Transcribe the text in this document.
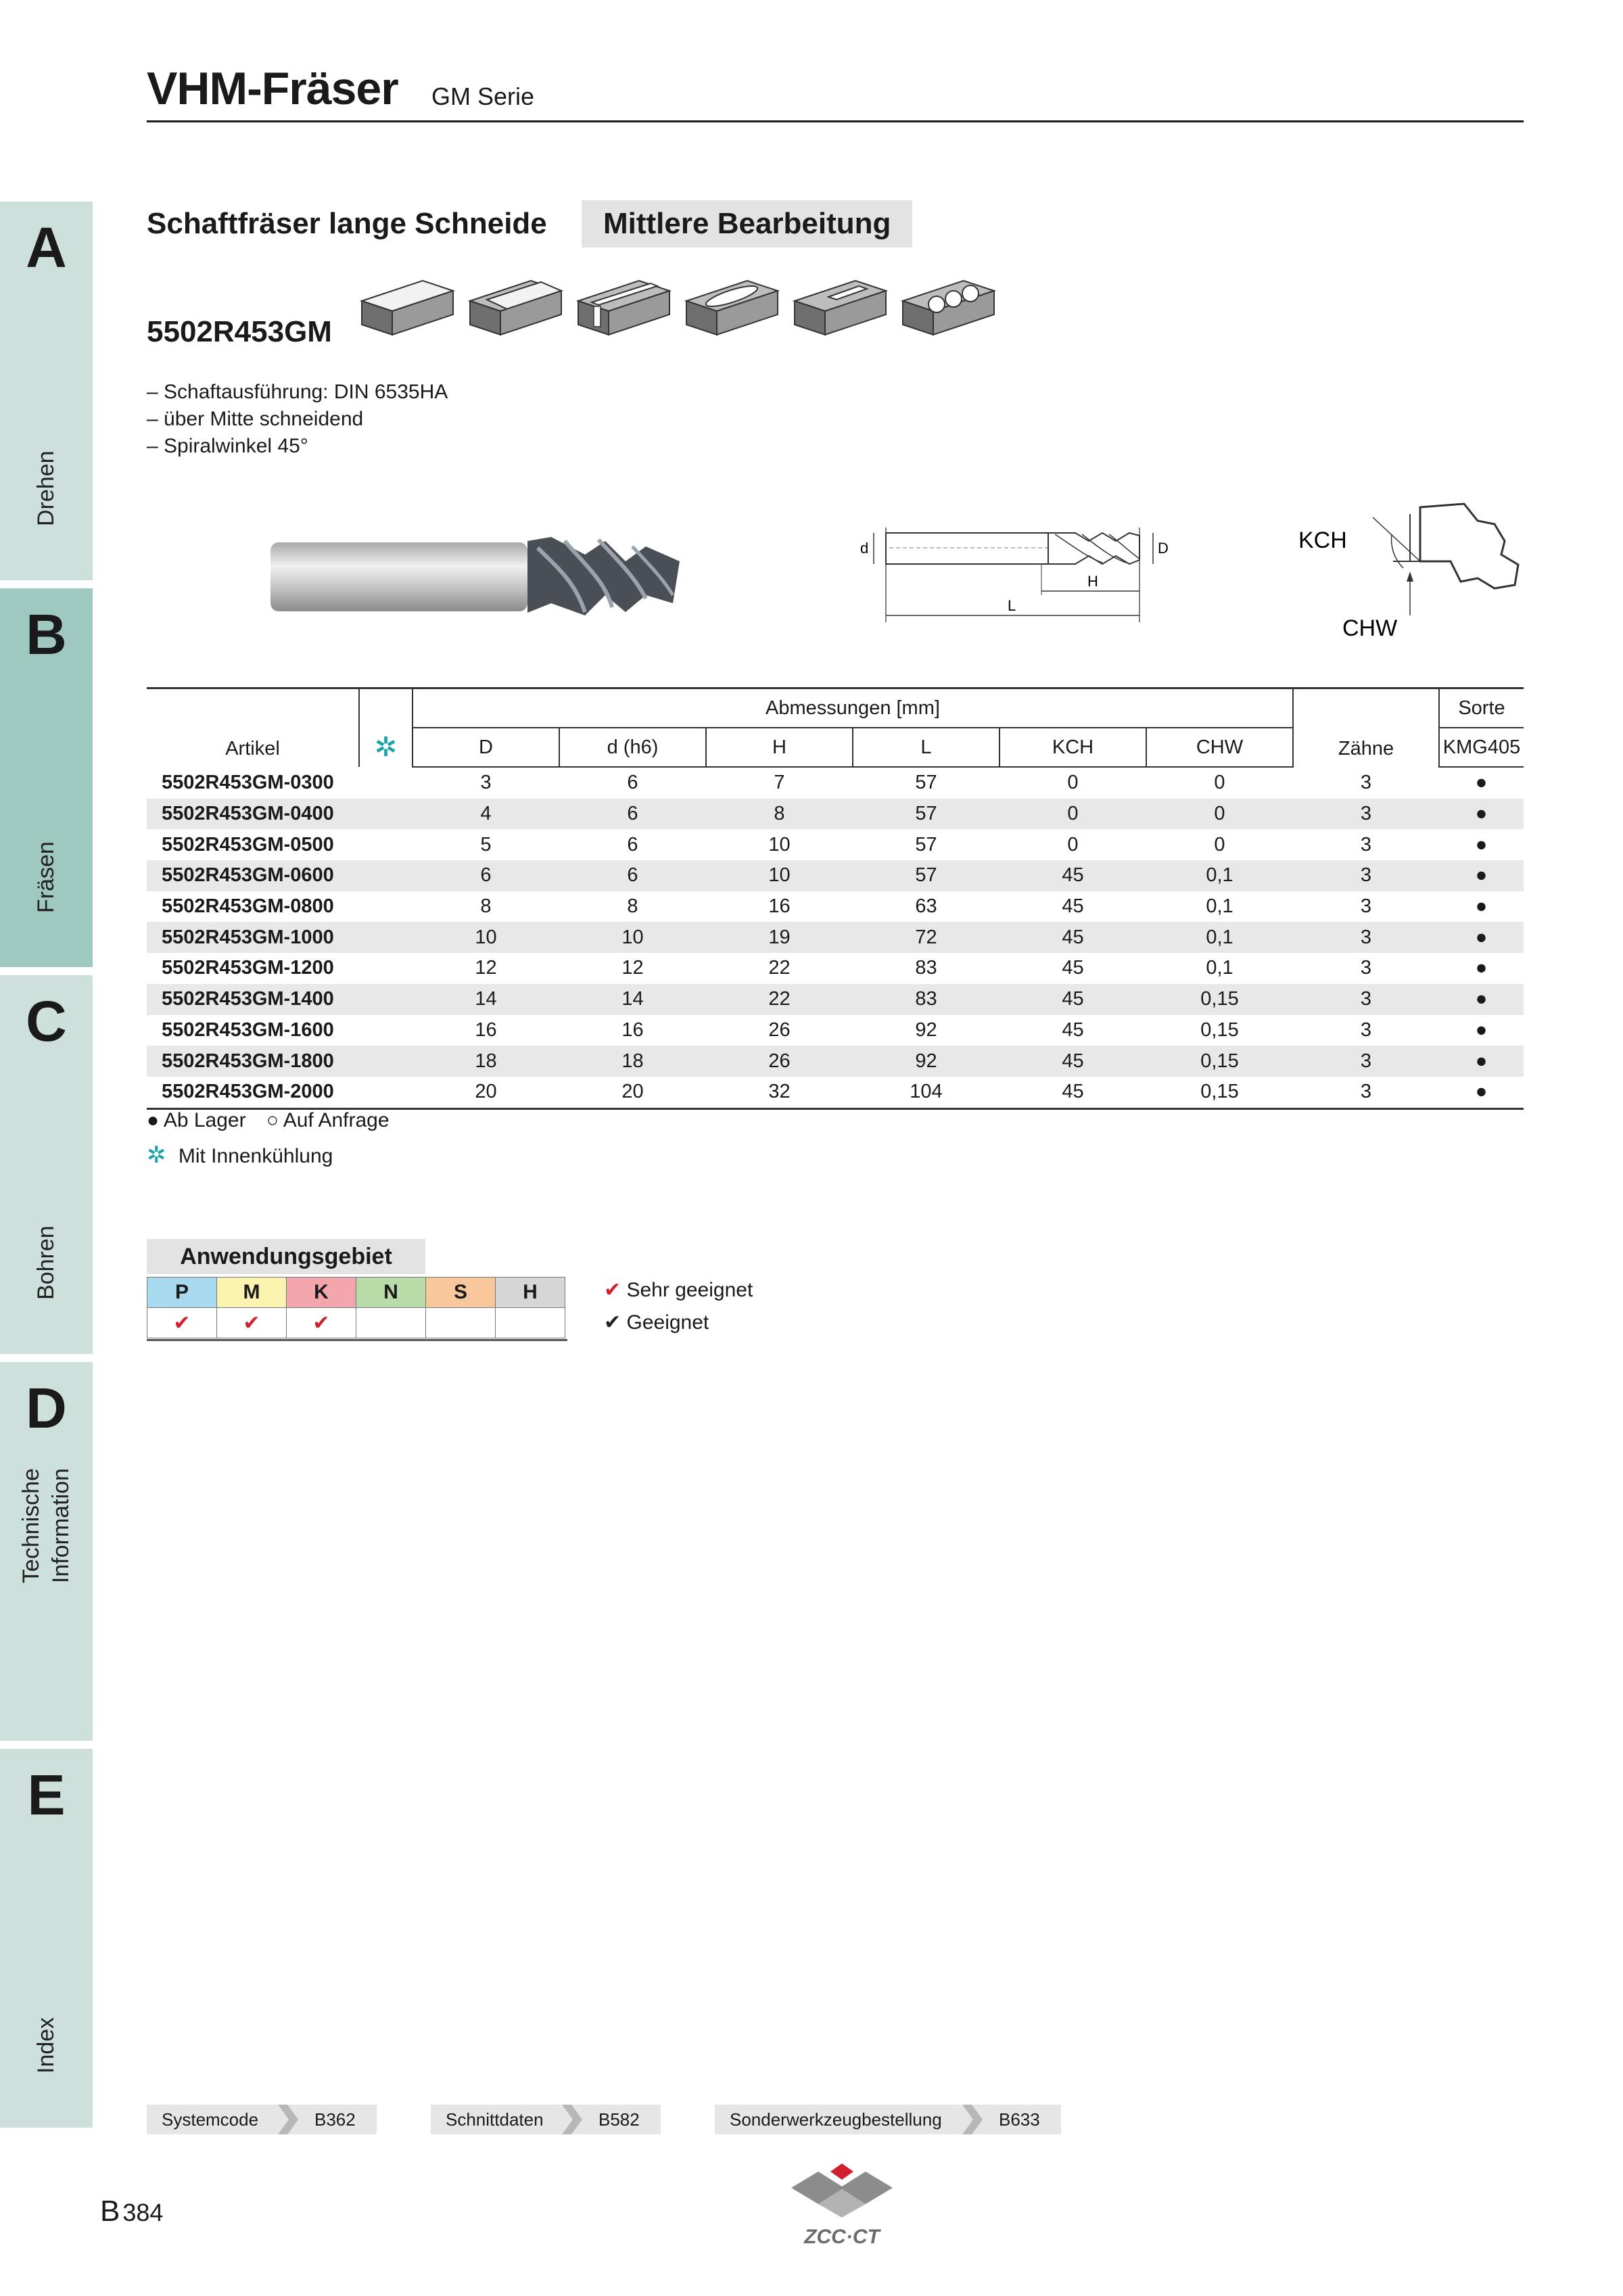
A
Drehen
B
Fräsen
C
Bohren
D
Technische Information
E
Index
VHM-Fräser GM Serie
Schaftfräser lange Schneide	Mittlere Bearbeitung
5502R453GM
– Schaftausführung: DIN 6535HA
– über Mitte schneidend
– Spiralwinkel 45°
d	D
H
L
KCH
CHW
Artikel	✲	Abmessungen [mm]						Zähne	Sorte
		D	d (h6)	H	L	KCH	CHW		KMG405
5502R453GM-0300		3	6	7	57	0	0	3	●
5502R453GM-0400		4	6	8	57	0	0	3	●
5502R453GM-0500		5	6	10	57	0	0	3	●
5502R453GM-0600		6	6	10	57	45	0,1	3	●
5502R453GM-0800		8	8	16	63	45	0,1	3	●
5502R453GM-1000		10	10	19	72	45	0,1	3	●
5502R453GM-1200		12	12	22	83	45	0,1	3	●
5502R453GM-1400		14	14	22	83	45	0,15	3	●
5502R453GM-1600		16	16	26	92	45	0,15	3	●
5502R453GM-1800		18	18	26	92	45	0,15	3	●
5502R453GM-2000		20	20	32	104	45	0,15	3	●
● Ab Lager ○ Auf Anfrage
✲ Mit Innenkühlung
Anwendungsgebiet
P	M	K	N	S	H
✔	✔	✔			
✔ Sehr geeignet
✔ Geeignet
Systemcode	B362	Schnittdaten	B582	Sonderwerkzeugbestellung	B633
B 384
ZCC·CT
